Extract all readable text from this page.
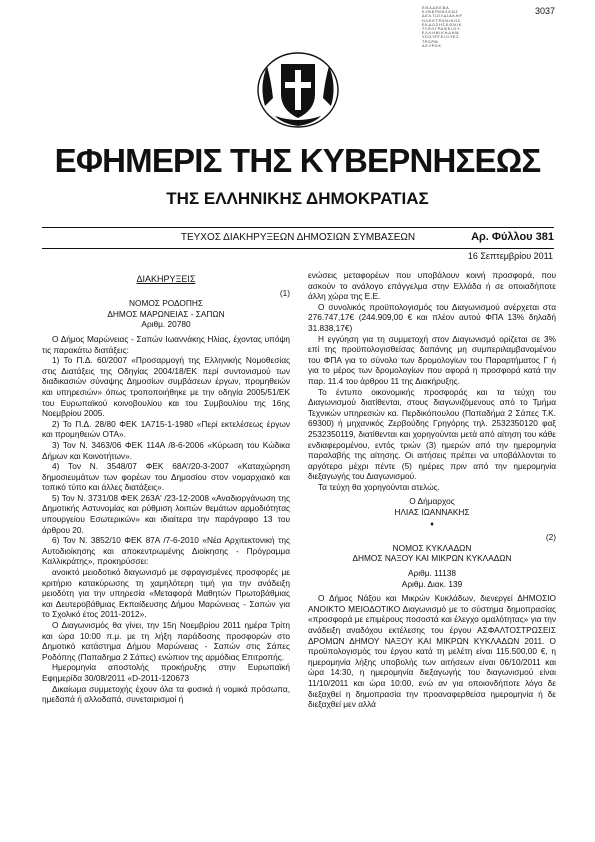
Ε.Θ.Α.Α.Ε.Ε.Β.Α.
Κ.Υ.Β.Ε.Ρ.Ν.Η.Σ.Ε.Ω.Σ
Δ.Ε.Λ.Τ.Ι.Ο.Υ.Δ.Ι.Α.Κ.Η.Ρ.
Η.Λ.Ε.Κ.Τ.Ρ.Ο.Ν.Ι.Κ.Η.Σ.
Ε.Κ.Δ.Ο.Σ.Η.Σ.Ε.Θ.Ν.Ι.Κ.
Τ.Υ.Π.Ο.Γ.Ρ.Α.Φ.Ε.Ι.Ο.Υ.
Ε.Λ.Λ.Η.Ν.Ι.Κ.Η.Δ.Η.Μ.
Υ.Π.Ο.Υ.Ρ.Γ.Ε.Ι.Ο.Υ.Ε.Σ.
Τ.Ρ.Ο.Ρ.Μ.
Δ.Ε.Υ.Ρ.Ο.Κ.
3037
ΕΦΗΜΕΡΙΣ ΤΗΣ ΚΥΒΕΡΝΗΣΕΩΣ
ΤΗΣ ΕΛΛΗΝΙΚΗΣ ΔΗΜΟΚΡΑΤΙΑΣ
ΤΕΥΧΟΣ ΔΙΑΚΗΡΥΞΕΩΝ ΔΗΜΟΣΙΩΝ ΣΥΜΒΑΣΕΩΝ	Αρ. Φύλλου 381
16 Σεπτεμβρίου 2011
ΔΙΑΚΗΡΥΞΕΙΣ

(1)

ΝΟΜΟΣ ΡΟΔΟΠΗΣ

ΔΗΜΟΣ ΜΑΡΩΝΕΙΑΣ - ΣΑΠΩΝ

Αριθμ. 20780

Ο Δήμος Μαρώνειας - Σαπών Ιωαννάκης Ηλίας, έχοντας υπόψη τις παρακάτω διατάξεις:

1) Το Π.Δ. 60/2007 «Προσαρμογή της Ελληνικής Νομοθεσίας στις Διατάξεις της Οδηγίας 2004/18/ΕΚ περί συντονισμού των διαδικασιών σύναψης Δημοσίων συμβάσεων έργων, προμηθειών και υπηρεσιών» όπως τροποποιήθηκε με την οδηγία 2005/51/ΕΚ του Ευρωπαϊκού κοινοβουλίου και του Συμβουλίου της 16ης Νοεμβρίου 2005.

2) Το Π.Δ. 28/80 ΦΕΚ 1Α715-1-1980 «Περί εκτελέσεως έργων και προμηθειών ΟΤΑ».

3) Τον Ν. 3463/06 ΦΕΚ 114Α /8-6-2006 «Κύρωση του Κώδικα Δήμων και Κοινοτήτων».

4) Τον Ν. 3548/07 ΦΕΚ 68Α'/20-3-2007 «Καταχώρηση δημοσιευμάτων των φορέων του Δημοσίου στον νομαρχιακό και τοπικό τύπο και άλλες διατάξεις».

5) Τον Ν. 3731/08 ΦΕΚ 263Α' /23-12-2008 «Αναδιοργάνωση της Δημοτικής Αστυνομίας και ρύθμιση λοιπών θεμάτων αρμοδιότητας υπουργείου Εσωτερικών» και ιδιαίτερα την παράγραφο 13 του άρθρου 20.

6) Τον Ν. 3852/10 ΦΕΚ 87Α /7-6-2010 «Νέα Αρχιτεκτονική της Αυτοδιοίκησης και αποκεντρωμένης Διοίκησης - Πρόγραμμα Καλλικράτης», προκηρύσσει:

ανοικτό μειοδοτικό διαγωνισμό με σφραγισμένες προσφορές με κριτήριο κατακύρωσης τη χαμηλότερη τιμή για την ανάδειξη μειοδότη για την υπηρεσία «Μεταφορά Μαθητών Πρωτοβάθμιας και Δευτεροβάθμιας Εκπαίδευσης Δήμου Μαρώνειας - Σαπών για το Σχολικό έτος 2011-2012».

Ο Διαγωνισμός θα γίνει, την 15η Νοεμβρίου 2011 ημέρα Τρίτη και ώρα 10:00 π.μ. με τη λήξη παράδοσης προσφορών στο Δημοτικό κατάστημα Δήμου Μαρώνειας - Σαπών στις Σάπες Ροδόπης (Παπαδημα 2 Σάπες) ενώπιον της αρμόδιας Επιτροπής.

Ημερομηνία αποστολής προκήρυξης στην Ευρωπαϊκή Εφημερίδα 30/08/2011 «D-2011-120673

Δικαίωμα συμμετοχής έχουν όλα τα φυσικά ή νομικά πρόσωπα, ημεδαπά ή αλλοδαπά, συνεταιρισμοί ή

ενώσεις μεταφορέων που υποβάλουν κοινή προσφορά, που ασκούν το ανάλογο επάγγελμα στην Ελλάδα ή σε οποιαδήποτε άλλη χώρα της Ε.Ε.

Ο συνολικός προϋπολογισμός του Διαγωνισμού ανέρχεται στα 276.747,17€ (244.909,00 € και πλέον αυτού ΦΠΑ 13% δηλαδή 31.838,17€)

Η εγγύηση για τη συμμετοχή στον Διαγωνισμό ορίζεται σε 3% επί της προϋπολογισθείσας δαπάνης μη συμπεριλαμβανομένου του ΦΠΑ για το σύνολο των δρομολογίων του Παραρτήματος Γ ή για το μέρος των δρομολογίων που αφορά η προσφορά κατά την παρ. 11.4 του άρθρου 11 της Διακήρυξης.

Το έντυπο οικονομικής προσφοράς και τα τεύχη του Διαγωνισμού διατίθενται, στους διαγωνιζόμενους από το Τμήμα Τεχνικών υπηρεσιών κα. Περδικόπουλου (Παπαδήμα 2 Σάπες Τ.Κ. 69300) ή μηχανικός Ζερβούδης Γρηγόρης τηλ. 2532350120 φαξ 2532350119, διατίθενται και χορηγούνται μετά από αίτηση του κάθε ενδιαφερομένου, εντός τριών (3) ημερών από την ημερομηνία παραλαβής της αίτησης. Οι αιτήσεις πρέπει να υποβάλλονται το αργότερο μέχρι πέντε (5) ημέρες πριν από την ημερομηνία διεξαγωγής του Διαγωνισμού.

Τα τεύχη θα χορηγούνται ατελώς.

Ο Δήμαρχος

ΗΛΙΑΣ ΙΩΑΝΝΑΚΗΣ

♦

(2)

ΝΟΜΟΣ ΚΥΚΛΑΔΩΝ

ΔΗΜΟΣ ΝΑΞΟΥ ΚΑΙ ΜΙΚΡΩΝ ΚΥΚΛΑΔΩΝ

Αριθμ. 11138

Αριθμ. Διακ. 139

Ο Δήμος Νάξου και Μικρών Κυκλάδων, διενεργεί ΔΗΜΟΣΙΟ ΑΝΟΙΚΤΟ ΜΕΙΟΔΟΤΙΚΟ Διαγωνισμό με το σύστημα δημοπρασίας «προσφορά με επιμέρους ποσοστά και έλεγχο ομαλότητας» για την ανάδειξη αναδόχου εκτέλεσης του έργου ΑΣΦΑΛΤΟΣΤΡΩΣΕΙΣ ΔΡΟΜΩΝ ΔΗΜΟΥ ΝΑΞΟΥ ΚΑΙ ΜΙΚΡΩΝ ΚΥΚΛΑΔΩΝ 2011. Ο προϋπολογισμός του έργου κατά τη μελέτη είναι 115.500,00 €, η ημερομηνία λήξης υποβολής των αιτήσεων είναι 06/10/2011 και ώρα 14:30, η ημερομηνία διεξαγωγής του διαγωνισμού είναι 11/10/2011 και ώρα 10:00, ενώ αν για οποιονδήποτε λόγο δε διεξαχθεί η δημοπρασία την προαναφερθείσα ημερομηνία ή δε διεξαχθεί μεν αλλά
